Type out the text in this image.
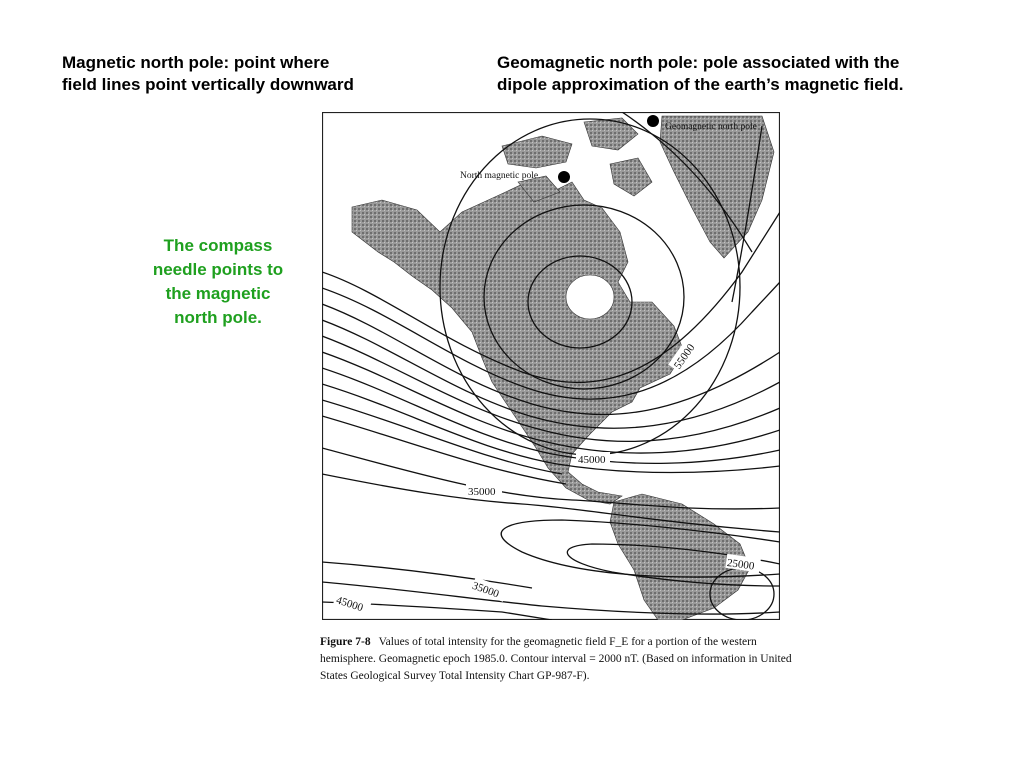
Magnetic north pole: point where
field lines point vertically downward
Geomagnetic north pole: pole associated with the
dipole approximation of the earth’s magnetic field.
The compass
needle points to
the magnetic
north pole.
Geomagnetic north pole
North magnetic pole
55000
45000
35000
35000
45000
25000
Figure 7-8 Values of total intensity for the geomagnetic field F_E for a portion of the western hemisphere. Geomagnetic epoch 1985.0. Contour interval = 2000 nT. (Based on information in United States Geological Survey Total Intensity Chart GP-987-F).
